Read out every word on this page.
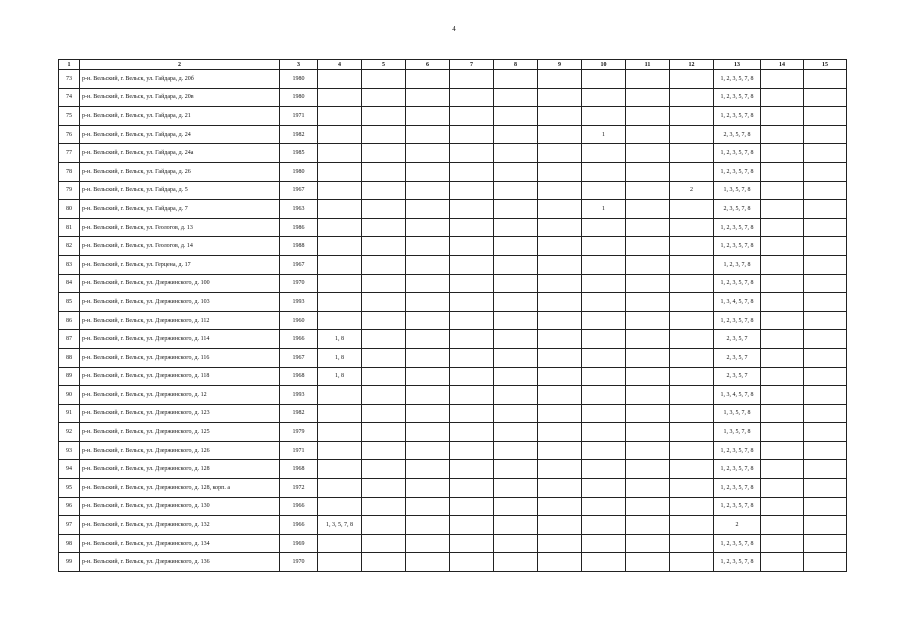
4
1	2	3	4	5	6	7	8	9	10	11	12	13	14	15
73	р-н. Вельский, г. Вельск, ул. Гайдара, д. 20б	1980										1, 2, 3, 5, 7, 8		
74	р-н. Вельский, г. Вельск, ул. Гайдара, д. 20в	1980										1, 2, 3, 5, 7, 8		
75	р-н. Вельский, г. Вельск, ул. Гайдара, д. 21	1971										1, 2, 3, 5, 7, 8		
76	р-н. Вельский, г. Вельск, ул. Гайдара, д. 24	1982							1			2, 3, 5, 7, 8		
77	р-н. Вельский, г. Вельск, ул. Гайдара, д. 24а	1985										1, 2, 3, 5, 7, 8		
78	р-н. Вельский, г. Вельск, ул. Гайдара, д. 26	1980										1, 2, 3, 5, 7, 8		
79	р-н. Вельский, г. Вельск, ул. Гайдара, д. 5	1967									2	1, 3, 5, 7, 8		
80	р-н. Вельский, г. Вельск, ул. Гайдара, д. 7	1963							1			2, 3, 5, 7, 8		
81	р-н. Вельский, г. Вельск, ул. Геологов, д. 13	1986										1, 2, 3, 5, 7, 8		
82	р-н. Вельский, г. Вельск, ул. Геологов, д. 14	1988										1, 2, 3, 5, 7, 8		
83	р-н. Вельский, г. Вельск, ул. Герцена, д. 17	1967										1, 2, 3, 7, 8		
84	р-н. Вельский, г. Вельск, ул. Дзержинского, д. 100	1970										1, 2, 3, 5, 7, 8		
85	р-н. Вельский, г. Вельск, ул. Дзержинского, д. 103	1993										1, 3, 4, 5, 7, 8		
86	р-н. Вельский, г. Вельск, ул. Дзержинского, д. 112	1960										1, 2, 3, 5, 7, 8		
87	р-н. Вельский, г. Вельск, ул. Дзержинского, д. 114	1966	1, 8									2, 3, 5, 7		
88	р-н. Вельский, г. Вельск, ул. Дзержинского, д. 116	1967	1, 8									2, 3, 5, 7		
89	р-н. Вельский, г. Вельск, ул. Дзержинского, д. 118	1968	1, 8									2, 3, 5, 7		
90	р-н. Вельский, г. Вельск, ул. Дзержинского, д. 12	1993										1, 3, 4, 5, 7, 8		
91	р-н. Вельский, г. Вельск, ул. Дзержинского, д. 123	1982										1, 3, 5, 7, 8		
92	р-н. Вельский, г. Вельск, ул. Дзержинского, д. 125	1979										1, 3, 5, 7, 8		
93	р-н. Вельский, г. Вельск, ул. Дзержинского, д. 126	1971										1, 2, 3, 5, 7, 8		
94	р-н. Вельский, г. Вельск, ул. Дзержинского, д. 128	1968										1, 2, 3, 5, 7, 8		
95	р-н. Вельский, г. Вельск, ул. Дзержинского, д. 128, корп. а	1972										1, 2, 3, 5, 7, 8		
96	р-н. Вельский, г. Вельск, ул. Дзержинского, д. 130	1966										1, 2, 3, 5, 7, 8		
97	р-н. Вельский, г. Вельск, ул. Дзержинского, д. 132	1966	1, 3, 5, 7, 8									2		
98	р-н. Вельский, г. Вельск, ул. Дзержинского, д. 134	1969										1, 2, 3, 5, 7, 8		
99	р-н. Вельский, г. Вельск, ул. Дзержинского, д. 136	1970										1, 2, 3, 5, 7, 8		
